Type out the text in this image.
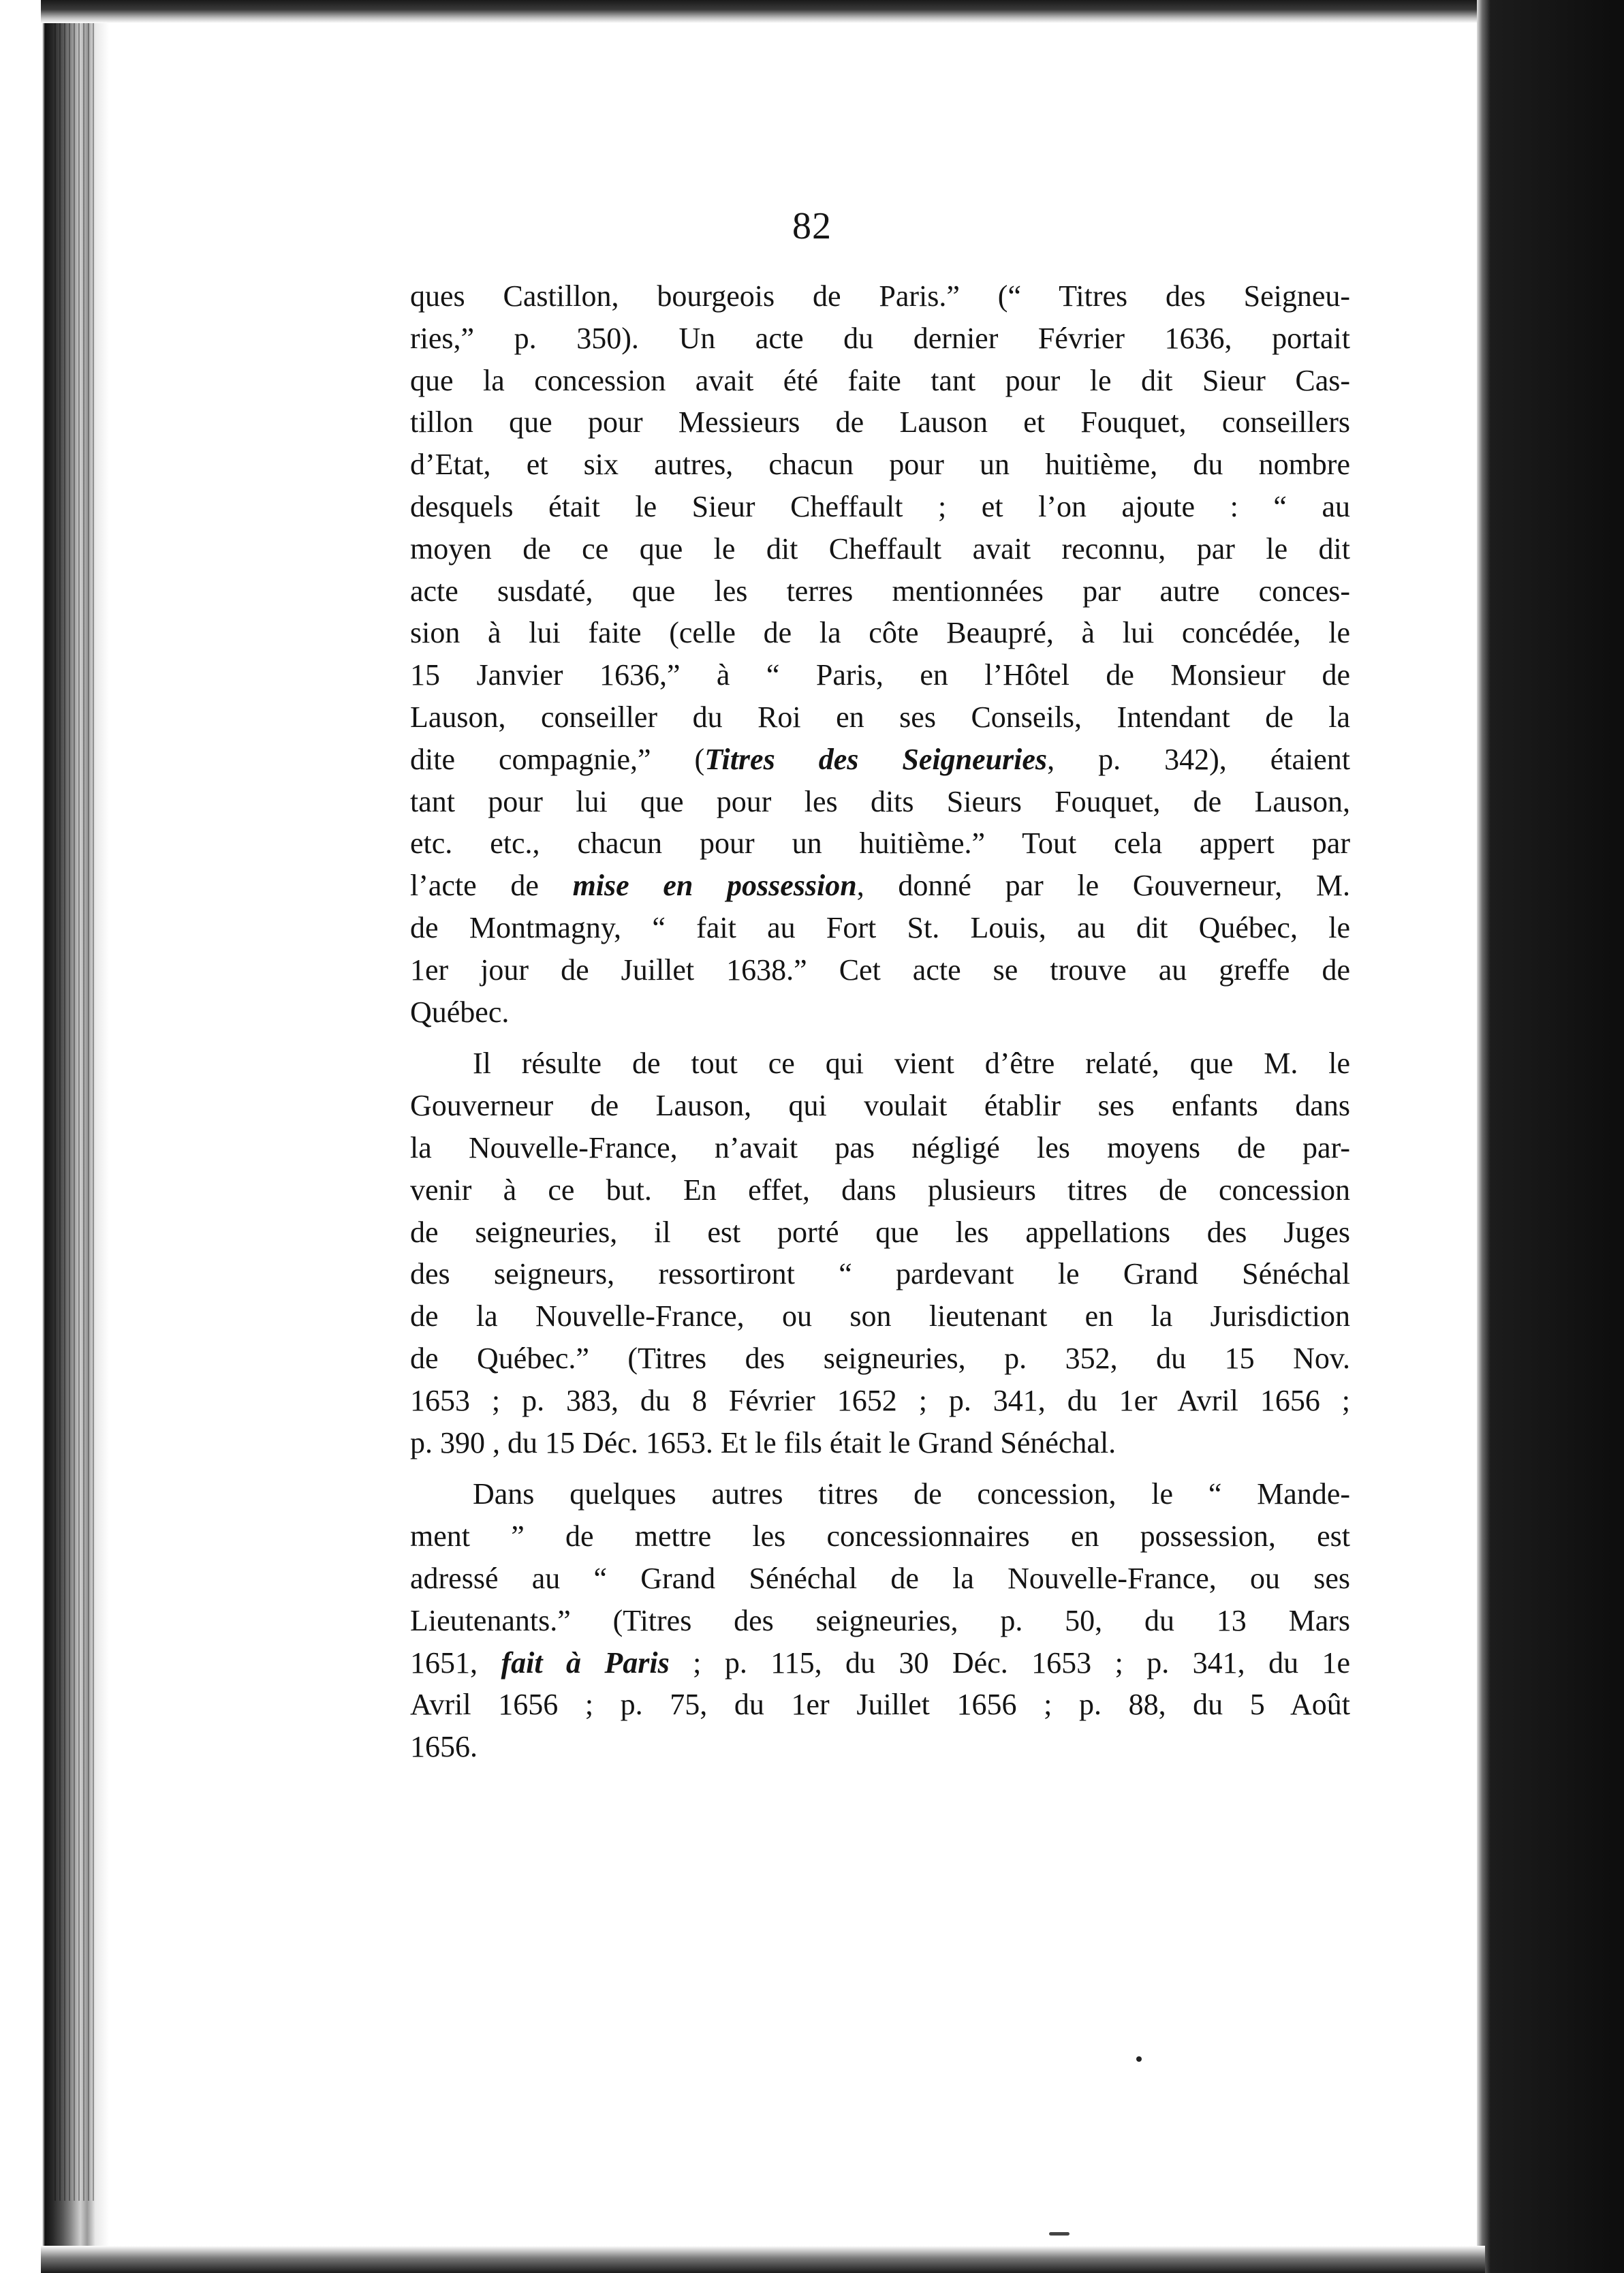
82
ques Castillon, bourgeois de Paris.” (“ Titres des Seigneu-
ries,” p. 350). Un acte du dernier Février 1636, portait
que la concession avait été faite tant pour le dit Sieur Cas-
tillon que pour Messieurs de Lauson et Fouquet, conseillers
d’Etat, et six autres, chacun pour un huitième, du nombre
desquels était le Sieur Cheffault ; et l’on ajoute : “ au
moyen de ce que le dit Cheffault avait reconnu, par le dit
acte susdaté, que les terres mentionnées par autre conces-
sion à lui faite (celle de la côte Beaupré, à lui concédée, le
15 Janvier 1636,” à “ Paris, en l’Hôtel de Monsieur de
Lauson, conseiller du Roi en ses Conseils, Intendant de la
dite compagnie,” (Titres des Seigneuries, p. 342), étaient
tant pour lui que pour les dits Sieurs Fouquet, de Lauson,
etc. etc., chacun pour un huitième.” Tout cela appert par
l’acte de mise en possession, donné par le Gouverneur, M.
de Montmagny, “ fait au Fort St. Louis, au dit Québec, le
1er jour de Juillet 1638.” Cet acte se trouve au greffe de
Québec.
Il résulte de tout ce qui vient d’être relaté, que M. le
Gouverneur de Lauson, qui voulait établir ses enfants dans
la Nouvelle-France, n’avait pas négligé les moyens de par-
venir à ce but. En effet, dans plusieurs titres de concession
de seigneuries, il est porté que les appellations des Juges
des seigneurs, ressortiront “ pardevant le Grand Sénéchal
de la Nouvelle-France, ou son lieutenant en la Jurisdiction
de Québec.” (Titres des seigneuries, p. 352, du 15 Nov.
1653 ; p. 383, du 8 Février 1652 ; p. 341, du 1er Avril 1656 ;
p. 390 , du 15 Déc. 1653. Et le fils était le Grand Sénéchal.
Dans quelques autres titres de concession, le “ Mande-
ment ” de mettre les concessionnaires en possession, est
adressé au “ Grand Sénéchal de la Nouvelle-France, ou ses
Lieutenants.” (Titres des seigneuries, p. 50, du 13 Mars
1651, fait à Paris ; p. 115, du 30 Déc. 1653 ; p. 341, du 1e
Avril 1656 ; p. 75, du 1er Juillet 1656 ; p. 88, du 5 Août
1656.
